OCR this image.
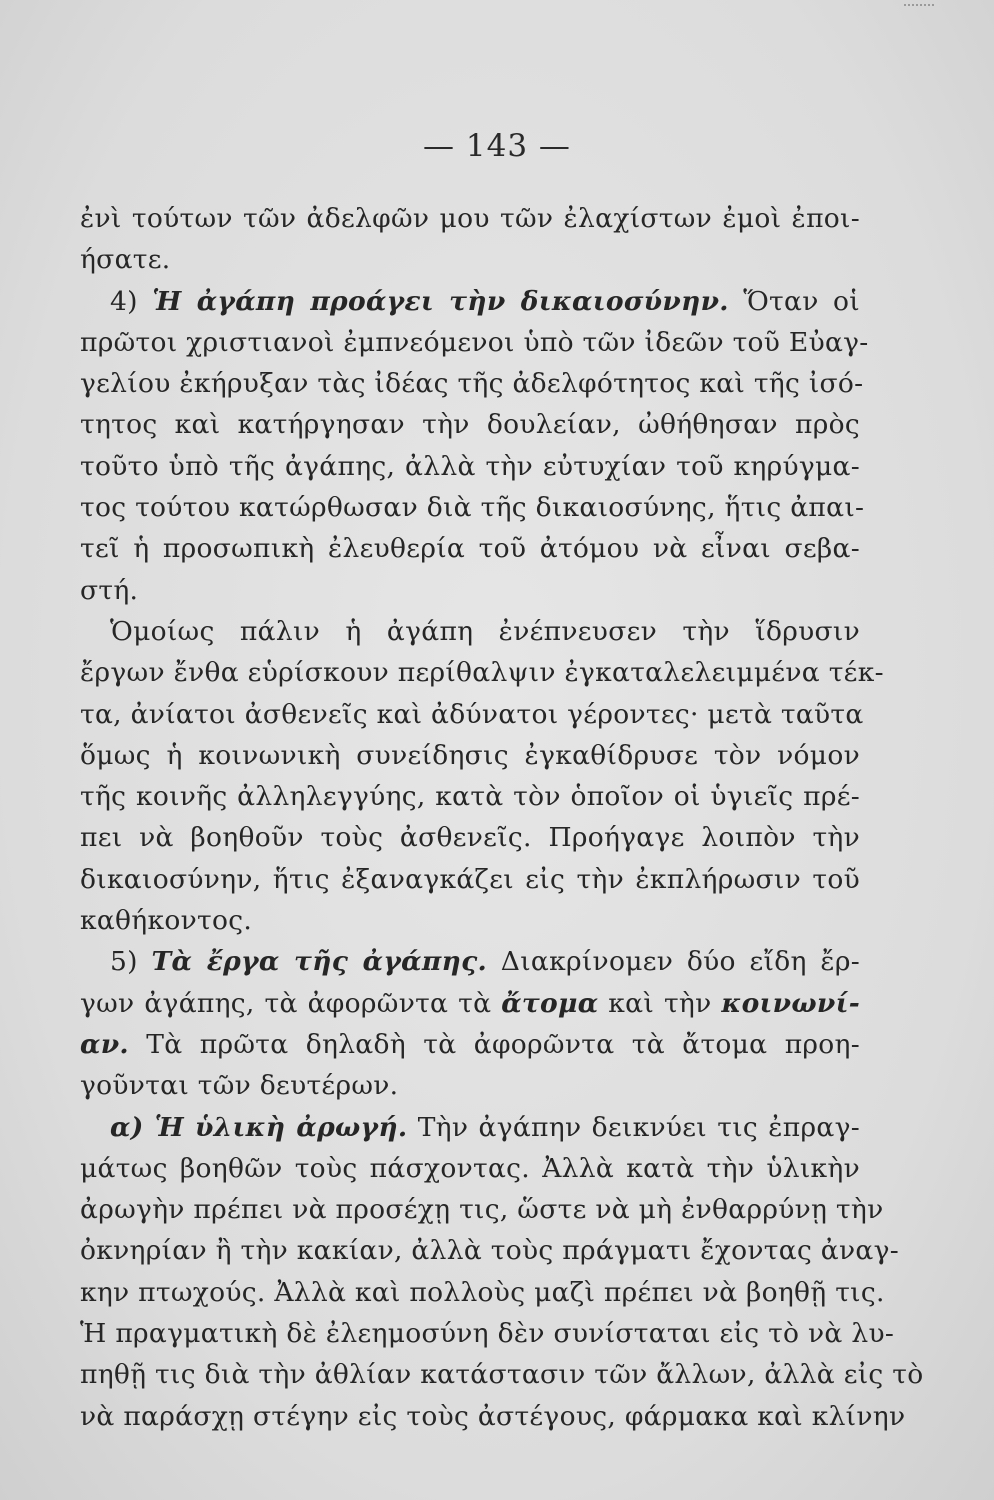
— 143 —
ἐνὶ τούτων τῶν ἀδελφῶν μου τῶν ἐλαχίστων ἐμοὶ ἐποι-
ήσατε.
4) Ἡ ἀγάπη προάγει τὴν δικαιοσύνην. Ὅταν οἱ
πρῶτοι χριστιανοὶ ἐμπνεόμενοι ὑπὸ τῶν ἰδεῶν τοῦ Εὐαγ-
γελίου ἐκήρυξαν τὰς ἰδέας τῆς ἀδελφότητος καὶ τῆς ἰσό-
τητος καὶ κατήργησαν τὴν δουλείαν, ὠθήθησαν πρὸς
τοῦτο ὑπὸ τῆς ἀγάπης, ἀλλὰ τὴν εὐτυχίαν τοῦ κηρύγμα-
τος τούτου κατώρθωσαν διὰ τῆς δικαιοσύνης, ἥτις ἀπαι-
τεῖ ἡ προσωπικὴ ἐλευθερία τοῦ ἀτόμου νὰ εἶναι σεβα-
στή.
Ὁμοίως πάλιν ἡ ἀγάπη ἐνέπνευσεν τὴν ἵδρυσιν
ἔργων ἔνθα εὑρίσκουν περίθαλψιν ἐγκαταλελειμμένα τέκ-
τα, ἀνίατοι ἀσθενεῖς καὶ ἀδύνατοι γέροντες· μετὰ ταῦτα
ὅμως ἡ κοινωνικὴ συνείδησις ἐγκαθίδρυσε τὸν νόμον
τῆς κοινῆς ἀλληλεγγύης, κατὰ τὸν ὁποῖον οἱ ὑγιεῖς πρέ-
πει νὰ βοηθοῦν τοὺς ἀσθενεῖς. Προήγαγε λοιπὸν τὴν
δικαιοσύνην, ἥτις ἐξαναγκάζει εἰς τὴν ἐκπλήρωσιν τοῦ
καθήκοντος.
5) Τὰ ἔργα τῆς ἀγάπης. Διακρίνομεν δύο εἴδη ἔρ-
γων ἀγάπης, τὰ ἀφορῶντα τὰ ἄτομα καὶ τὴν κοινωνί-
αν. Τὰ πρῶτα δηλαδὴ τὰ ἀφορῶντα τὰ ἄτομα προη-
γοῦνται τῶν δευτέρων.
α) Ἡ ὑλικὴ ἀρωγή. Τὴν ἀγάπην δεικνύει τις ἐπραγ-
μάτως βοηθῶν τοὺς πάσχοντας. Ἀλλὰ κατὰ τὴν ὑλικὴν
ἀρωγὴν πρέπει νὰ προσέχῃ τις, ὥστε νὰ μὴ ἐνθαρρύνῃ τὴν
ὀκνηρίαν ἢ τὴν κακίαν, ἀλλὰ τοὺς πράγματι ἔχοντας ἀναγ-
κην πτωχούς. Ἀλλὰ καὶ πολλοὺς μαζὶ πρέπει νὰ βοηθῇ τις.
Ἡ πραγματικὴ δὲ ἐλεημοσύνη δὲν συνίσταται εἰς τὸ νὰ λυ-
πηθῇ τις διὰ τὴν ἀθλίαν κατάστασιν τῶν ἄλλων, ἀλλὰ εἰς τὸ
νὰ παράσχῃ στέγην εἰς τοὺς ἀστέγους, φάρμακα καὶ κλίνην
